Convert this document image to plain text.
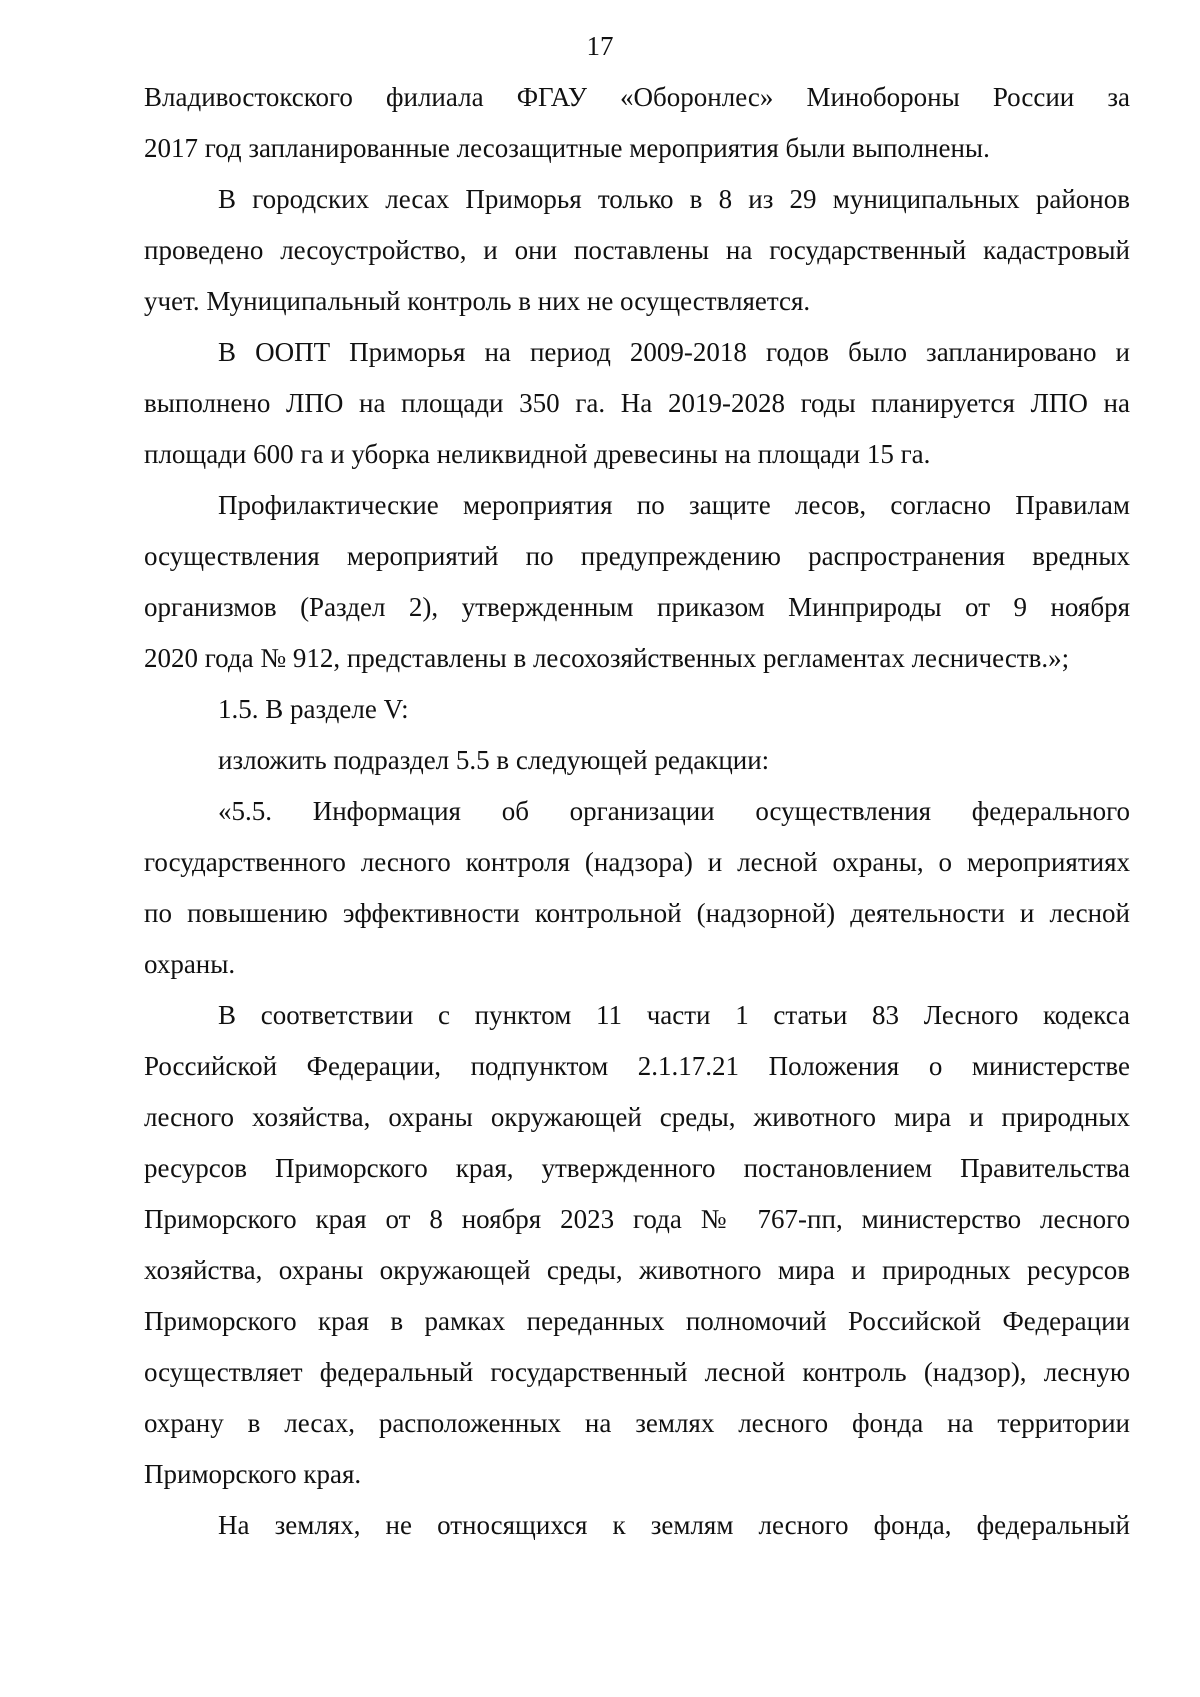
17
Владивостокского филиала ФГАУ «Оборонлес» Минобороны России за
2017 год запланированные лесозащитные мероприятия были выполнены.
В городских лесах Приморья только в 8 из 29 муниципальных районов
проведено лесоустройство, и они поставлены на государственный кадастровый
учет. Муниципальный контроль в них не осуществляется.
В ООПТ Приморья на период 2009-2018 годов было запланировано и
выполнено ЛПО на площади 350 га. На 2019-2028 годы планируется ЛПО на
площади 600 га и уборка неликвидной древесины на площади 15 га.
Профилактические мероприятия по защите лесов, согласно Правилам
осуществления мероприятий по предупреждению распространения вредных
организмов (Раздел 2), утвержденным приказом Минприроды от 9 ноября
2020 года № 912, представлены в лесохозяйственных регламентах лесничеств.»;
1.5. В разделе V:
изложить подраздел 5.5 в следующей редакции:
«5.5. Информация об организации осуществления федерального
государственного лесного контроля (надзора) и лесной охраны, о мероприятиях
по повышению эффективности контрольной (надзорной) деятельности и лесной
охраны.
В соответствии с пунктом 11 части 1 статьи 83 Лесного кодекса
Российской Федерации, подпунктом 2.1.17.21 Положения о министерстве
лесного хозяйства, охраны окружающей среды, животного мира и природных
ресурсов Приморского края, утвержденного постановлением Правительства
Приморского края от 8 ноября 2023 года № 767-пп, министерство лесного
хозяйства, охраны окружающей среды, животного мира и природных ресурсов
Приморского края в рамках переданных полномочий Российской Федерации
осуществляет федеральный государственный лесной контроль (надзор), лесную
охрану в лесах, расположенных на землях лесного фонда на территории
Приморского края.
На землях, не относящихся к землям лесного фонда, федеральный
